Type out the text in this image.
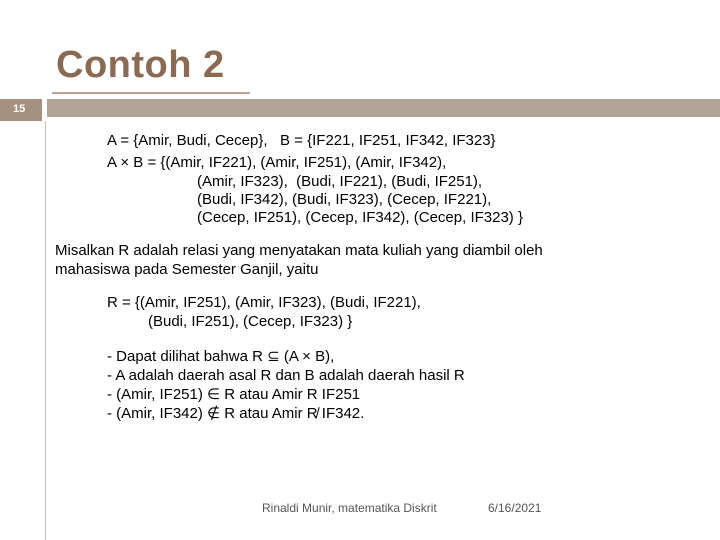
Contoh 2
15
A = {Amir, Budi, Cecep},   B = {IF221, IF251, IF342, IF323}
A × B = {(Amir, IF221), (Amir, IF251), (Amir, IF342),
(Amir, IF323),  (Budi, IF221), (Budi, IF251),
(Budi, IF342), (Budi, IF323), (Cecep, IF221),
(Cecep, IF251), (Cecep, IF342), (Cecep, IF323) }
Misalkan R adalah relasi yang menyatakan mata kuliah yang diambil oleh
mahasiswa pada Semester Ganjil, yaitu
R = {(Amir, IF251), (Amir, IF323), (Budi, IF221),
(Budi, IF251), (Cecep, IF323) }
- Dapat dilihat bahwa R ⊆ (A × B),
- A adalah daerah asal R dan B adalah daerah hasil R
- (Amir, IF251) ∈ R atau Amir R IF251
- (Amir, IF342) ∉ R atau Amir R̸ IF342.
Rinaldi Munir, matematika Diskrit	6/16/2021
